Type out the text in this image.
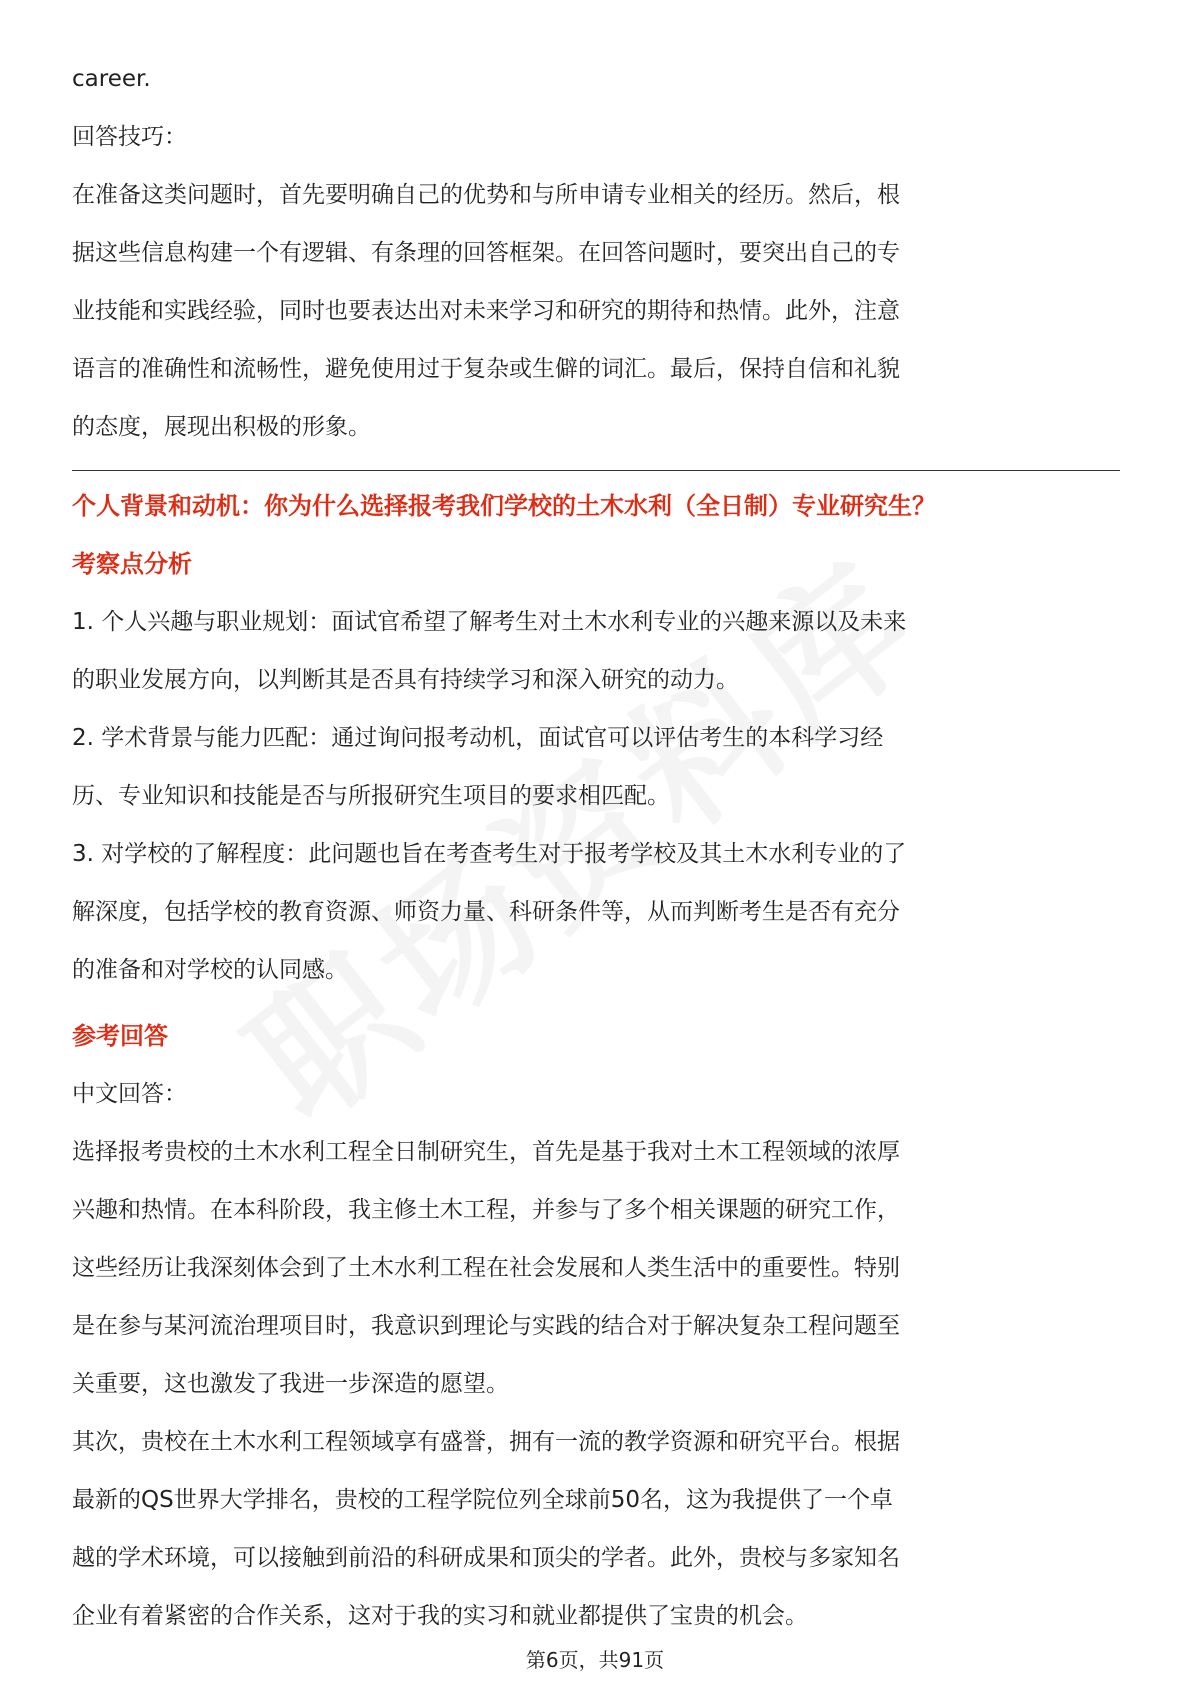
career.

回答技巧：

在准备这类问题时，首先要明确自己的优势和与所申请专业相关的经历。然后，根

据这些信息构建一个有逻辑、有条理的回答框架。在回答问题时，要突出自己的专

业技能和实践经验，同时也要表达出对未来学习和研究的期待和热情。此外，注意

语言的准确性和流畅性，避免使用过于复杂或生僻的词汇。最后，保持自信和礼貌

的态度，展现出积极的形象。

个人背景和动机：你为什么选择报考我们学校的土木水利（全日制）专业研究生？

考察点分析

1. 个人兴趣与职业规划：面试官希望了解考生对土木水利专业的兴趣来源以及未来

的职业发展方向，以判断其是否具有持续学习和深入研究的动力。

2. 学术背景与能力匹配：通过询问报考动机，面试官可以评估考生的本科学习经

历、专业知识和技能是否与所报研究生项目的要求相匹配。

3. 对学校的了解程度：此问题也旨在考查考生对于报考学校及其土木水利专业的了

解深度，包括学校的教育资源、师资力量、科研条件等，从而判断考生是否有充分

的准备和对学校的认同感。

参考回答

中文回答：

选择报考贵校的土木水利工程全日制研究生，首先是基于我对土木工程领域的浓厚

兴趣和热情。在本科阶段，我主修土木工程，并参与了多个相关课题的研究工作，

这些经历让我深刻体会到了土木水利工程在社会发展和人类生活中的重要性。特别

是在参与某河流治理项目时，我意识到理论与实践的结合对于解决复杂工程问题至

关重要，这也激发了我进一步深造的愿望。

其次，贵校在土木水利工程领域享有盛誉，拥有一流的教学资源和研究平台。根据

最新的QS世界大学排名，贵校的工程学院位列全球前50名，这为我提供了一个卓

越的学术环境，可以接触到前沿的科研成果和顶尖的学者。此外，贵校与多家知名

企业有着紧密的合作关系，这对于我的实习和就业都提供了宝贵的机会。

第6页，共91页
